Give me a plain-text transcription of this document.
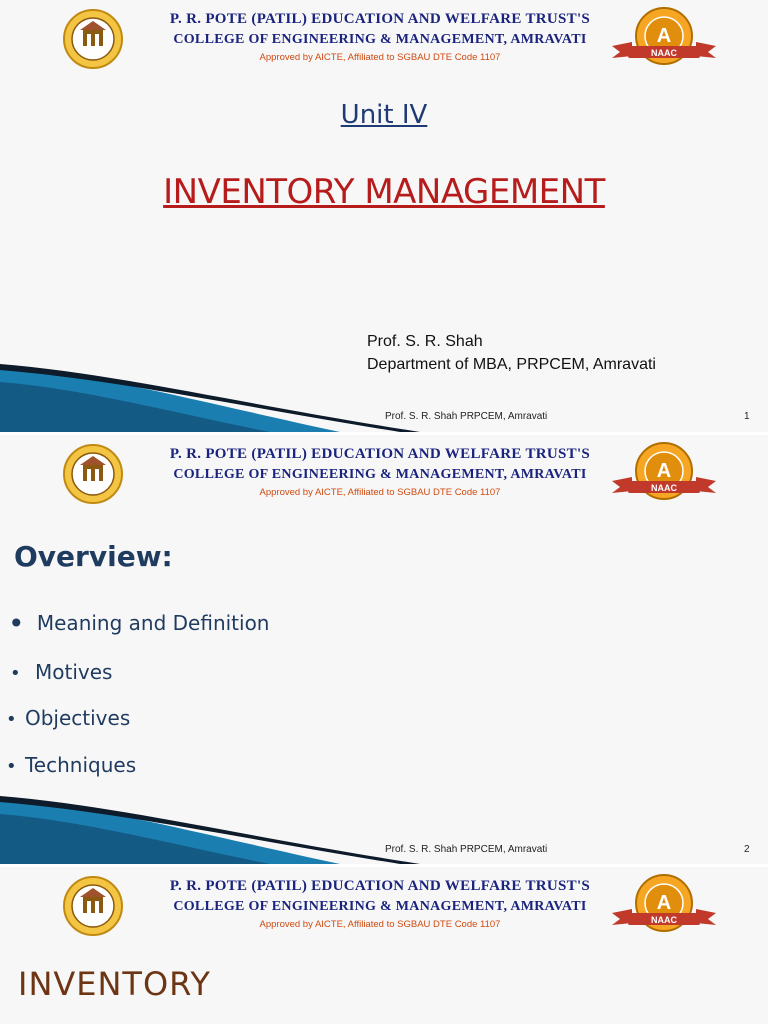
P. R. POTE (PATIL) EDUCATION AND WELFARE TRUST'S
COLLEGE OF ENGINEERING & MANAGEMENT, AMRAVATI
Approved by AICTE, Affiliated to SGBAU DTE Code 1107
A
NAAC
Unit IV
INVENTORY MANAGEMENT
Prof. S. R. Shah
Department of MBA, PRPCEM, Amravati
Prof. S. R. Shah PRPCEM, Amravati	1
P. R. POTE (PATIL) EDUCATION AND WELFARE TRUST'S
COLLEGE OF ENGINEERING & MANAGEMENT, AMRAVATI
Approved by AICTE, Affiliated to SGBAU DTE Code 1107
A
NAAC
Overview:
• Meaning and Definition
• Motives
• Objectives
• Techniques
Prof. S. R. Shah PRPCEM, Amravati	2
P. R. POTE (PATIL) EDUCATION AND WELFARE TRUST'S
COLLEGE OF ENGINEERING & MANAGEMENT, AMRAVATI
Approved by AICTE, Affiliated to SGBAU DTE Code 1107
A
NAAC
INVENTORY
